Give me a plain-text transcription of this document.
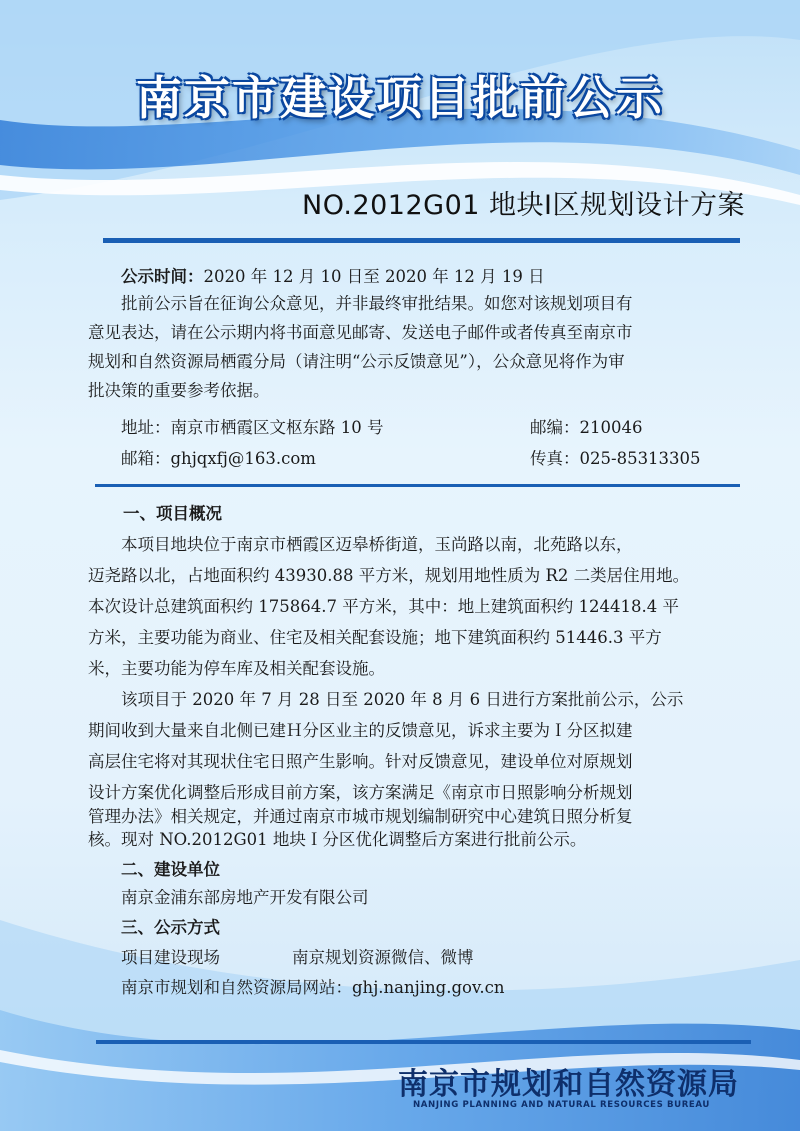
南京市建设项目批前公示
NO.2012G01 地块Ⅰ区规划设计方案
公示时间：2020 年 12 月 10 日至 2020 年 12 月 19 日
批前公示旨在征询公众意见，并非最终审批结果。如您对该规划项目有
意见表达，请在公示期内将书面意见邮寄、发送电子邮件或者传真至南京市
规划和自然资源局栖霞分局（请注明“公示反馈意见”），公众意见将作为审
批决策的重要参考依据。
地址：南京市栖霞区文枢东路 10 号	邮编：210046
邮箱：ghjqxfj@163.com	传真：025-85313305
一、项目概况
本项目地块位于南京市栖霞区迈皋桥街道，玉尚路以南，北苑路以东，
迈尧路以北，占地面积约 43930.88 平方米，规划用地性质为 R2 二类居住用地。
本次设计总建筑面积约 175864.7 平方米，其中：地上建筑面积约 124418.4 平
方米，主要功能为商业、住宅及相关配套设施；地下建筑面积约 51446.3 平方
米，主要功能为停车库及相关配套设施。
该项目于 2020 年 7 月 28 日至 2020 年 8 月 6 日进行方案批前公示，公示
期间收到大量来自北侧已建Ｈ分区业主的反馈意见，诉求主要为Ｉ分区拟建
高层住宅将对其现状住宅日照产生影响。针对反馈意见，建设单位对原规划
设计方案优化调整后形成目前方案，该方案满足《南京市日照影响分析规划
管理办法》相关规定，并通过南京市城市规划编制研究中心建筑日照分析复
核。现对 NO.2012G01 地块Ｉ分区优化调整后方案进行批前公示。
二、建设单位
南京金浦东部房地产开发有限公司
三、公示方式
项目建设现场	南京规划资源微信、微博
南京市规划和自然资源局网站：ghj.nanjing.gov.cn
南京市规划和自然资源局
NANJING PLANNING AND NATURAL RESOURCES BUREAU
